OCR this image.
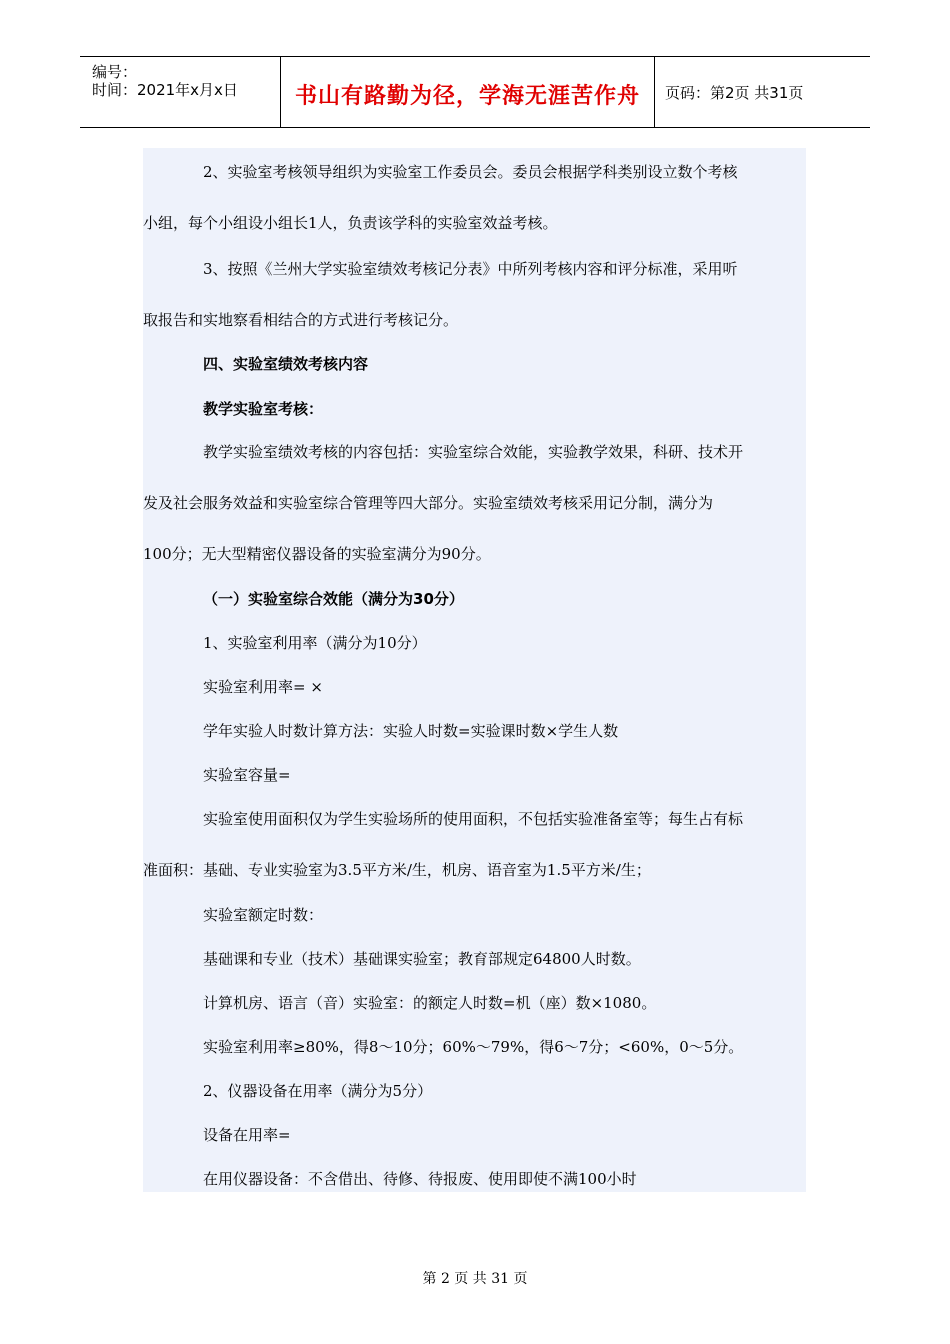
编号：
时间：2021年x月x日	书山有路勤为径，学海无涯苦作舟	页码：第2页 共31页
2、实验室考核领导组织为实验室工作委员会。委员会根据学科类别设立数个考核
小组，每个小组设小组长1人，负责该学科的实验室效益考核。
3、按照《兰州大学实验室绩效考核记分表》中所列考核内容和评分标准，采用听
取报告和实地察看相结合的方式进行考核记分。
四、实验室绩效考核内容
教学实验室考核：
教学实验室绩效考核的内容包括：实验室综合效能，实验教学效果，科研、技术开
发及社会服务效益和实验室综合管理等四大部分。实验室绩效考核采用记分制，满分为
100分；无大型精密仪器设备的实验室满分为90分。
（一）实验室综合效能（满分为30分）
1、实验室利用率（满分为10分）
实验室利用率= ×
学年实验人时数计算方法：实验人时数=实验课时数×学生人数
实验室容量=
实验室使用面积仅为学生实验场所的使用面积，不包括实验准备室等；每生占有标
准面积：基础、专业实验室为3.5平方米/生，机房、语音室为1.5平方米/生；
实验室额定时数：
基础课和专业（技术）基础课实验室；教育部规定64800人时数。
计算机房、语言（音）实验室：的额定人时数=机（座）数×1080。
实验室利用率≥80%，得8～10分；60%～79%，得6～7分；<60%，0～5分。
2、仪器设备在用率（满分为5分）
设备在用率=
在用仪器设备：不含借出、待修、待报废、使用即使不满100小时
第 2 页 共 31 页
